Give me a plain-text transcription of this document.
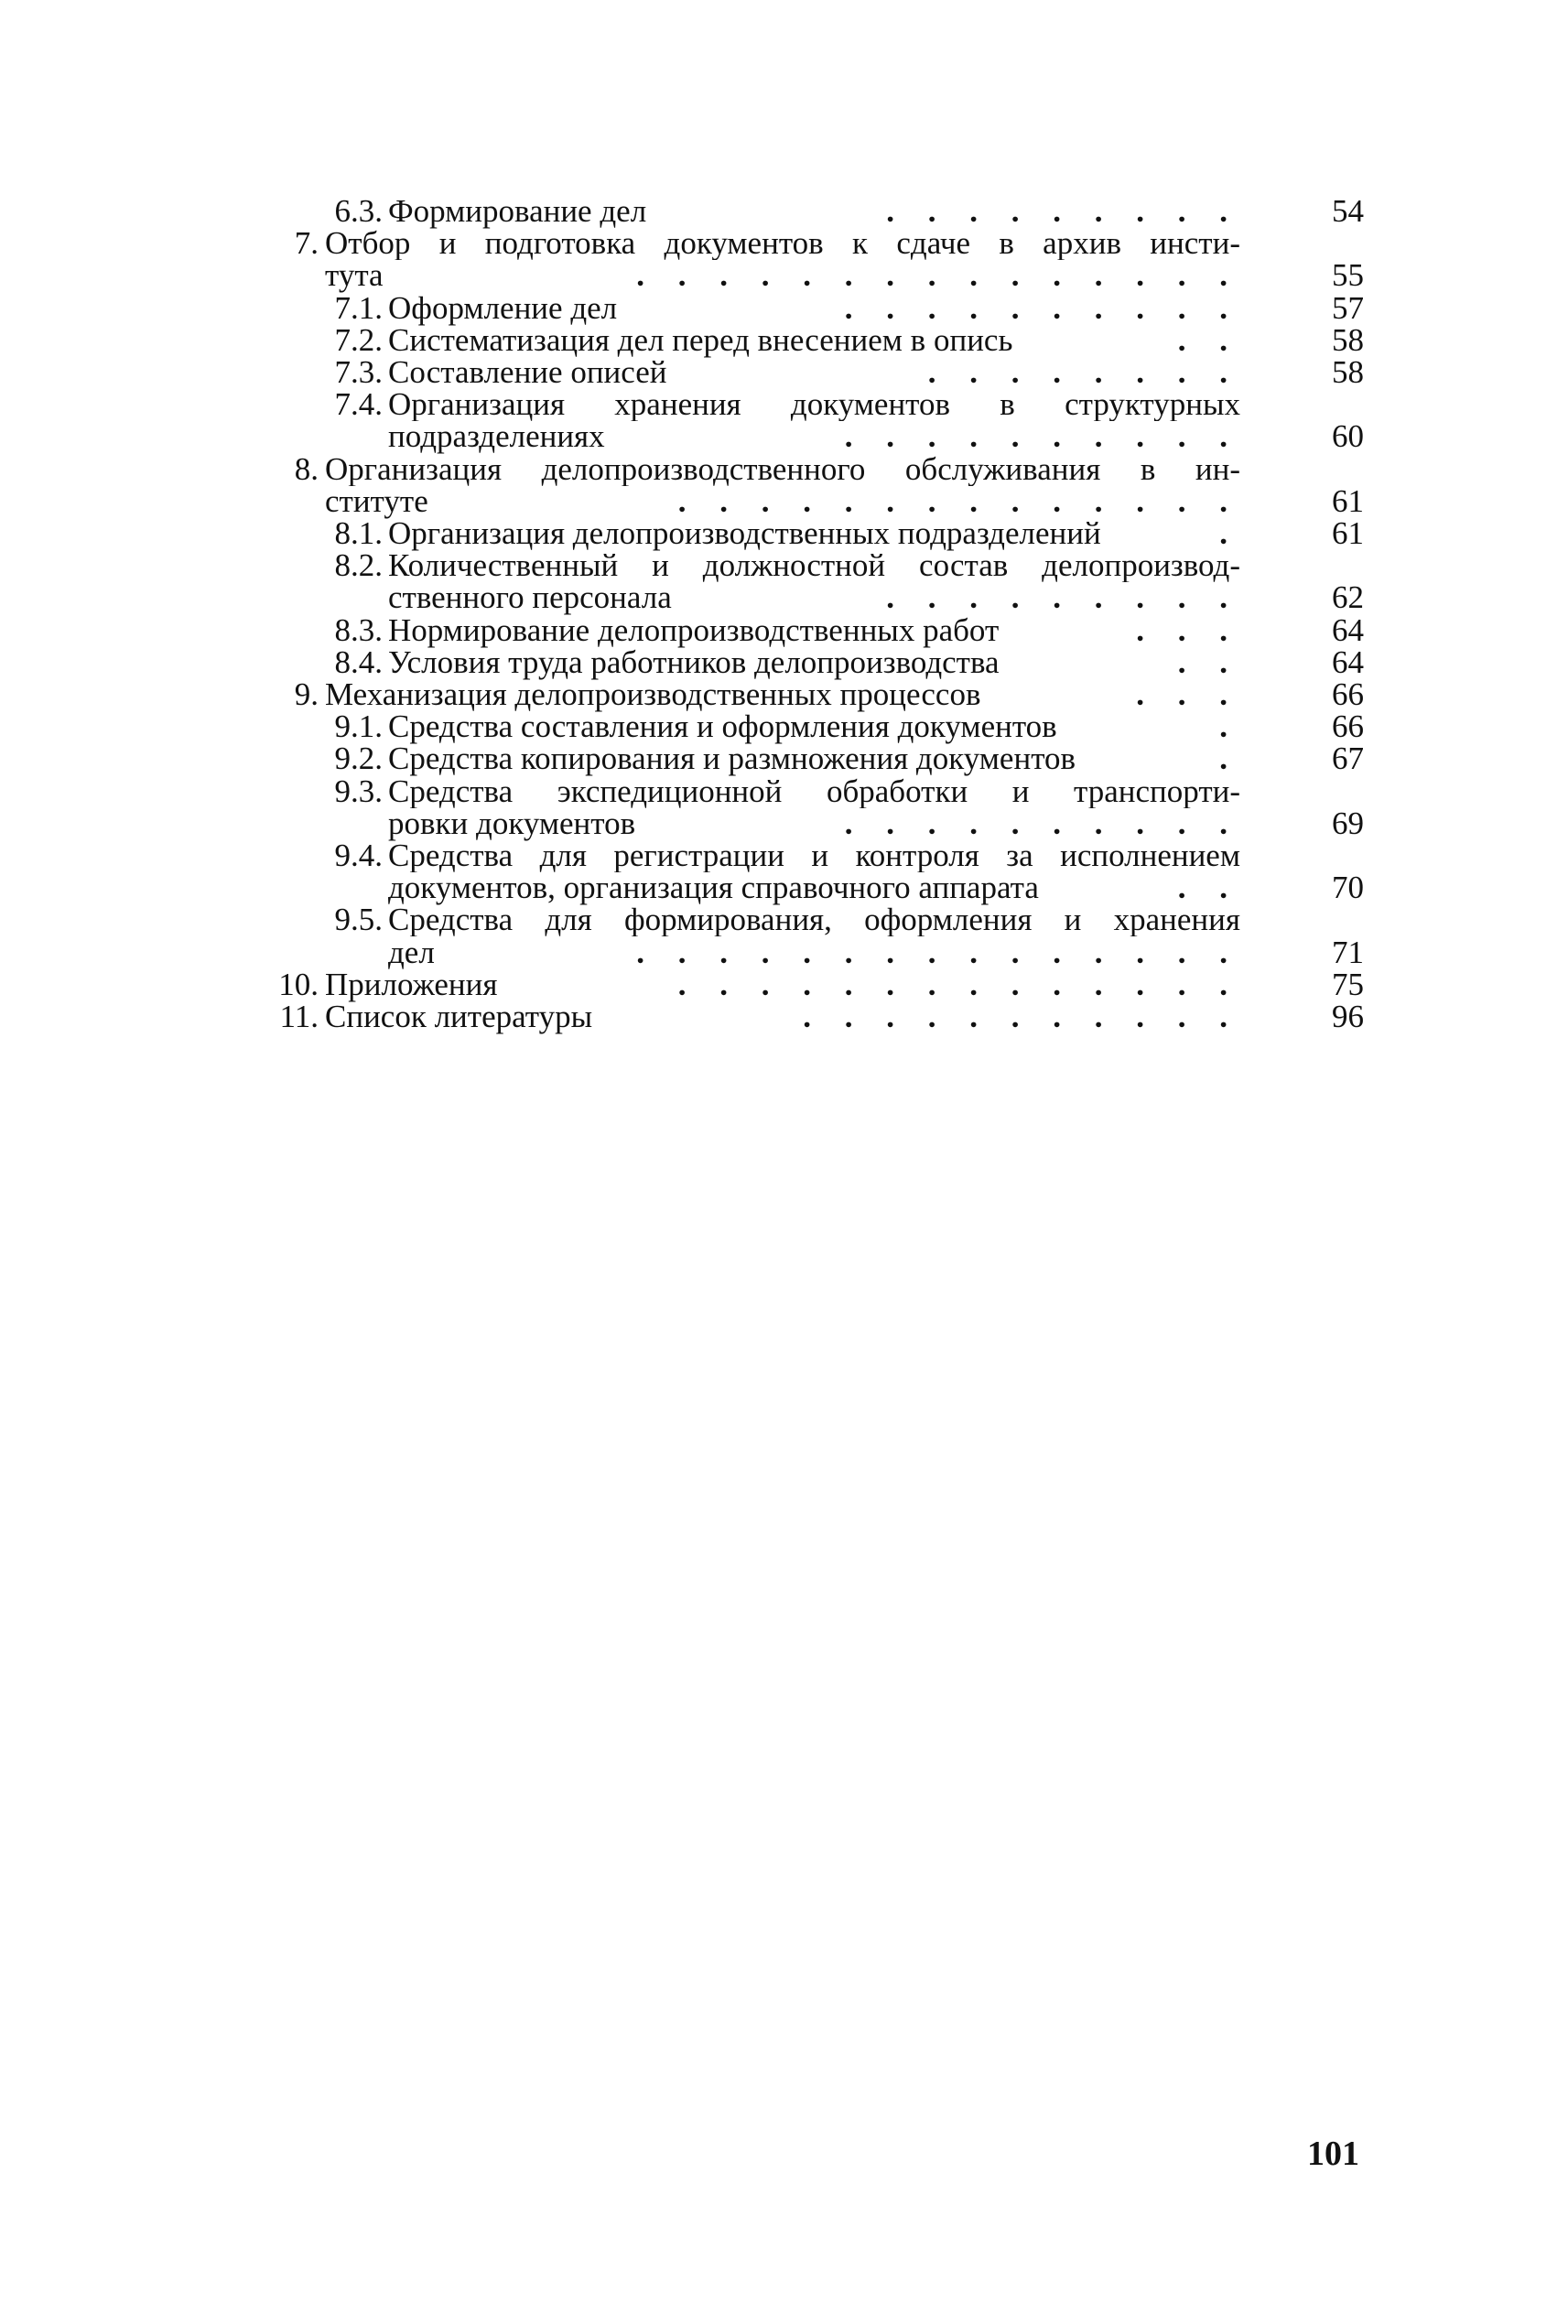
6.3. Формирование дел	. . . . . . . . .	54
7. Отбор и подготовка документов к сдаче в архив инсти-
тута	. . . . . . . . . . . . . . .	55
7.1. Оформление дел	. . . . . . . . . .	57
7.2. Систематизация дел перед внесением в опись	. .	58
7.3. Составление описей	. . . . . . . .	58
7.4. Организация хранения документов в структурных
подразделениях	. . . . . . . . . .	60
8. Организация делопроизводственного обслуживания в ин-
ституте	. . . . . . . . . . . . . .	61
8.1. Организация делопроизводственных подразделений	.	61
8.2. Количественный и должностной состав делопроизвод-
ственного персонала	. . . . . . . . .	62
8.3. Нормирование делопроизводственных работ	. . .	64
8.4. Условия труда работников делопроизводства	. .	64
9. Механизация делопроизводственных процессов	. . .	66
9.1. Средства составления и оформления документов	.	66
9.2. Средства копирования и размножения документов	.	67
9.3. Средства экспедиционной обработки и транспорти-
ровки документов	. . . . . . . . . .	69
9.4. Средства для регистрации и контроля за исполнением
документов, организация справочного аппарата	. .	70
9.5. Средства для формирования, оформления и хранения
дел	. . . . . . . . . . . . . . .	71
10. Приложения	. . . . . . . . . . . . . .	75
11. Список литературы	. . . . . . . . . . .	96
101
